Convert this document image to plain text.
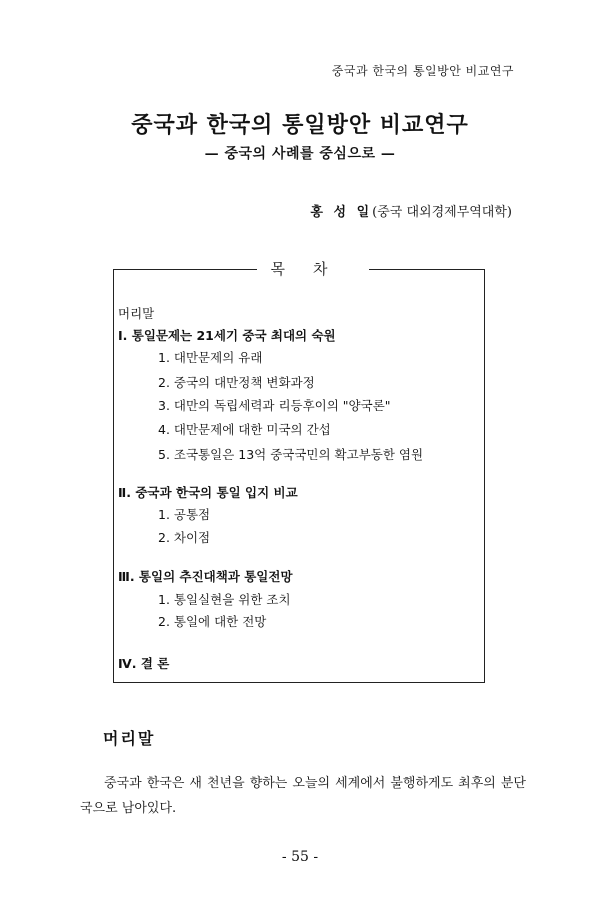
중국과 한국의 통일방안 비교연구
중국과 한국의 통일방안 비교연구
— 중국의 사례를 중심으로 —
홍 성 일(중국 대외경제무역대학)
목차
머리말
Ⅰ. 통일문제는 21세기 중국 최대의 숙원
1. 대만문제의 유래
2. 중국의 대만정책 변화과정
3. 대만의 독립세력과 리등후이의 "양국론"
4. 대만문제에 대한 미국의 간섭
5. 조국통일은 13억 중국국민의 확고부동한 염원
Ⅱ. 중국과 한국의 통일 입지 비교
1. 공통점
2. 차이점
Ⅲ. 통일의 추진대책과 통일전망
1. 통일실현을 위한 조치
2. 통일에 대한 전망
Ⅳ. 결 론
머리말
중국과 한국은 새 천년을 향하는 오늘의 세계에서 불행하게도 최후의 분단국으로 남아있다.
- 55 -
